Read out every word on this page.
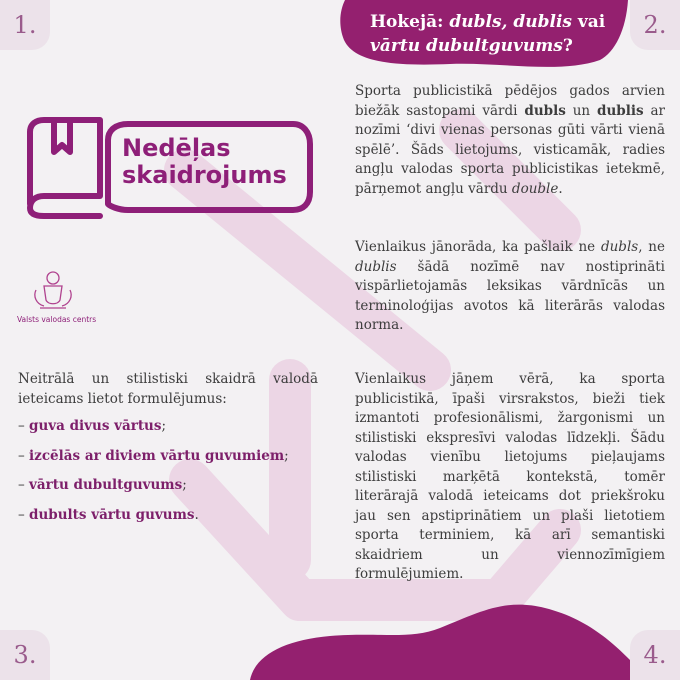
1.	2.
3.	4.
Hokejā: dubls, dublis vai vārtu dubultguvums?
Nedēļas
skaidrojums
Valsts valodas centrs
Sporta publicistikā pēdējos gados arvien biežāk sastopami vārdi dubls un dublis ar nozīmi ‘divi vienas personas gūti vārti vienā spēlē’. Šāds lietojums, visticamāk, radies angļu valodas sporta publicistikas ietekmē, pārņemot angļu vārdu double.
Vienlaikus jānorāda, ka pašlaik ne dubls, ne dublis šādā nozīmē nav nostiprināti vispārlietojamās leksikas vārdnīcās un terminoloģijas avotos kā literārās valodas norma.
Vienlaikus jāņem vērā, ka sporta publicistikā, īpaši virsrakstos, bieži tiek izmantoti profesionālismi, žargonismi un stilistiski ekspresīvi valodas līdzekļi. Šādu valodas vienību lietojums pieļaujams stilistiski marķētā kontekstā, tomēr literārajā valodā ieteicams dot priekšroku jau sen apstiprinātiem un plaši lietotiem sporta terminiem, kā arī semantiski skaidriem un viennozīmīgiem formulējumiem.
Neitrālā un stilistiski skaidrā valodā ieteicams lietot formulējumus:
– guva divus vārtus;
– izcēlās ar diviem vārtu guvumiem;
– vārtu dubultguvums;
– dubults vārtu guvums.
